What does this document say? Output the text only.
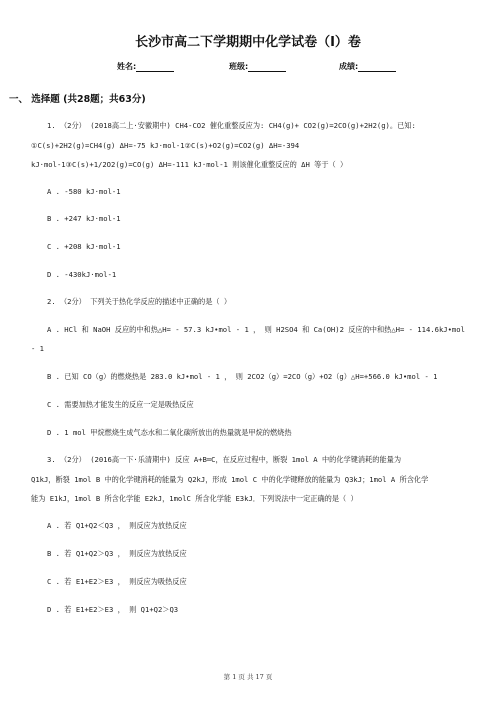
长沙市高二下学期期中化学试卷（I）卷
姓名:	班级:	成绩:
一、 选择题 (共28题；共63分)
1. （2分） (2018高二上·安徽期中) CH4-CO2 催化重整反应为: CH4(g)+ CO2(g)=2CO(g)+2H2(g)。已知:
①C(s)+2H2(g)=CH4(g) ΔH=-75 kJ·mol-1②C(s)+O2(g)=CO2(g) ΔH=-394
kJ·mol-1③C(s)+1/2O2(g)=CO(g) ΔH=-111 kJ·mol-1 则该催化重整反应的 ΔH 等于（ ）
A . -580 kJ·mol-1
B . +247 kJ·mol-1
C . +208 kJ·mol-1
D . -430kJ·mol-1
2. （2分） 下列关于热化学反应的描述中正确的是（ ）
A . HCl 和 NaOH 反应的中和热△H= - 57.3 kJ•mol - 1 ， 则 H2SO4 和 Ca(OH)2 反应的中和热△H= - 114.6kJ•mol
- 1
B . 已知 CO（g）的燃烧热是 283.0 kJ•mol - 1 ， 则 2CO2（g）=2CO（g）+O2（g）△H=+566.0 kJ•mol - 1
C . 需要加热才能发生的反应一定是吸热反应
D . 1 mol 甲烷燃烧生成气态水和二氧化碳所放出的热量就是甲烷的燃烧热
3. （2分） (2016高一下·乐清期中) 反应 A+B═C，在反应过程中，断裂 1mol A 中的化学键消耗的能量为
Q1kJ，断裂 1mol B 中的化学键消耗的能量为 Q2kJ，形成 1mol C 中的化学键释放的能量为 Q3kJ；1mol A 所含化学
能为 E1kJ，1mol B 所含化学能 E2kJ，1molC 所含化学能 E3kJ．下列说法中一定正确的是（ ）
A . 若 Q1+Q2＜Q3 ， 则反应为放热反应
B . 若 Q1+Q2＞Q3 ， 则反应为放热反应
C . 若 E1+E2＞E3 ， 则反应为吸热反应
D . 若 E1+E2＞E3 ， 则 Q1+Q2＞Q3
第 1 页 共 17 页
